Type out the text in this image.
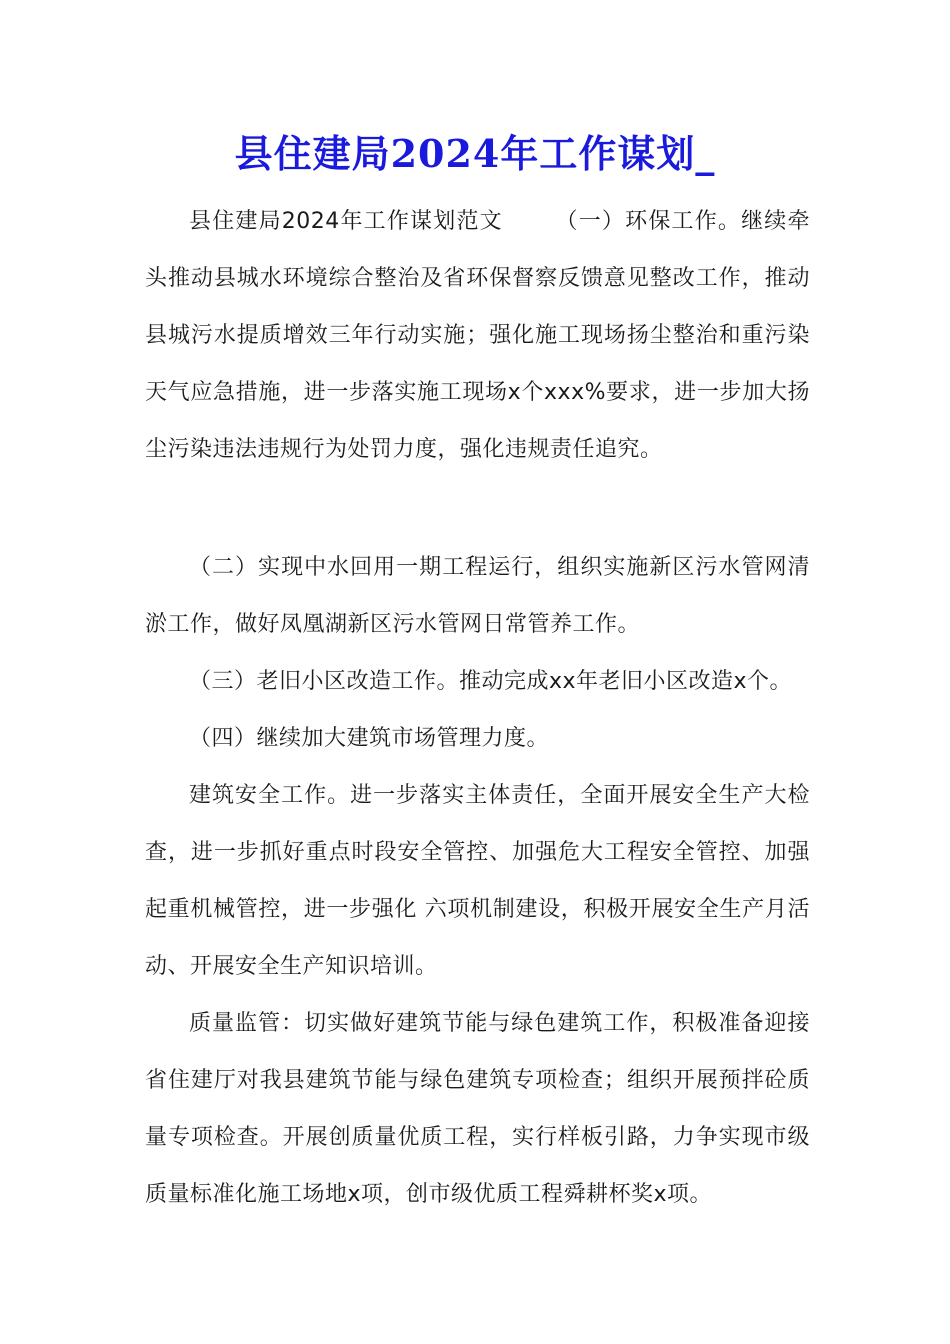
县住建局2024年工作谋划_

县住建局2024年工作谋划范文 （一）环保工作。继续牵头推动县城水环境综合整治及省环保督察反馈意见整改工作，推动县城污水提质增效三年行动实施；强化施工现场扬尘整治和重污染天气应急措施，进一步落实施工现场x个xxx%要求，进一步加大扬尘污染违法违规行为处罚力度，强化违规责任追究。

（二）实现中水回用一期工程运行，组织实施新区污水管网清淤工作，做好凤凰湖新区污水管网日常管养工作。

（三）老旧小区改造工作。推动完成xx年老旧小区改造x个。

（四）继续加大建筑市场管理力度。

建筑安全工作。进一步落实主体责任，全面开展安全生产大检查，进一步抓好重点时段安全管控、加强危大工程安全管控、加强起重机械管控，进一步强化 六项机制建设，积极开展安全生产月活动、开展安全生产知识培训。

质量监管：切实做好建筑节能与绿色建筑工作，积极准备迎接省住建厅对我县建筑节能与绿色建筑专项检查；组织开展预拌砼质量专项检查。开展创质量优质工程，实行样板引路，力争实现市级质量标准化施工场地x项，创市级优质工程舜耕杯奖x项。
